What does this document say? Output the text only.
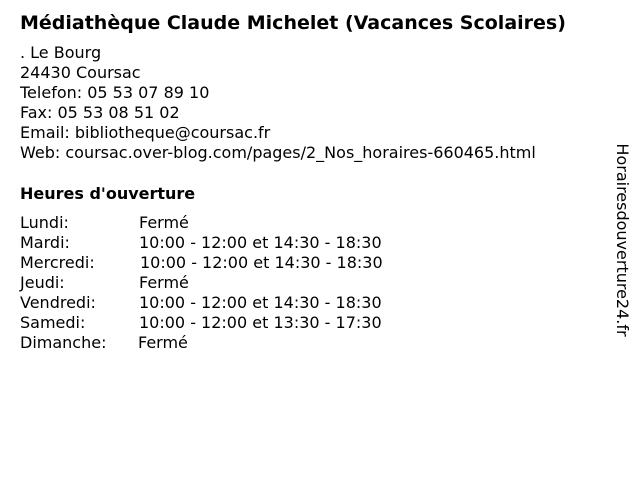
Médiathèque Claude Michelet (Vacances Scolaires)
. Le Bourg
24430 Coursac
Telefon: 05 53 07 89 10
Fax: 05 53 08 51 02
Email: bibliotheque@coursac.fr
Web: coursac.over-blog.com/pages/2_Nos_horaires-660465.html
Heures d'ouverture
Lundi:	Fermé
Mardi:	10:00 - 12:00 et 14:30 - 18:30
Mercredi:	10:00 - 12:00 et 14:30 - 18:30
Jeudi:	Fermé
Vendredi:	10:00 - 12:00 et 14:30 - 18:30
Samedi:	10:00 - 12:00 et 13:30 - 17:30
Dimanche: Fermé
Horairesdouverture24.fr
